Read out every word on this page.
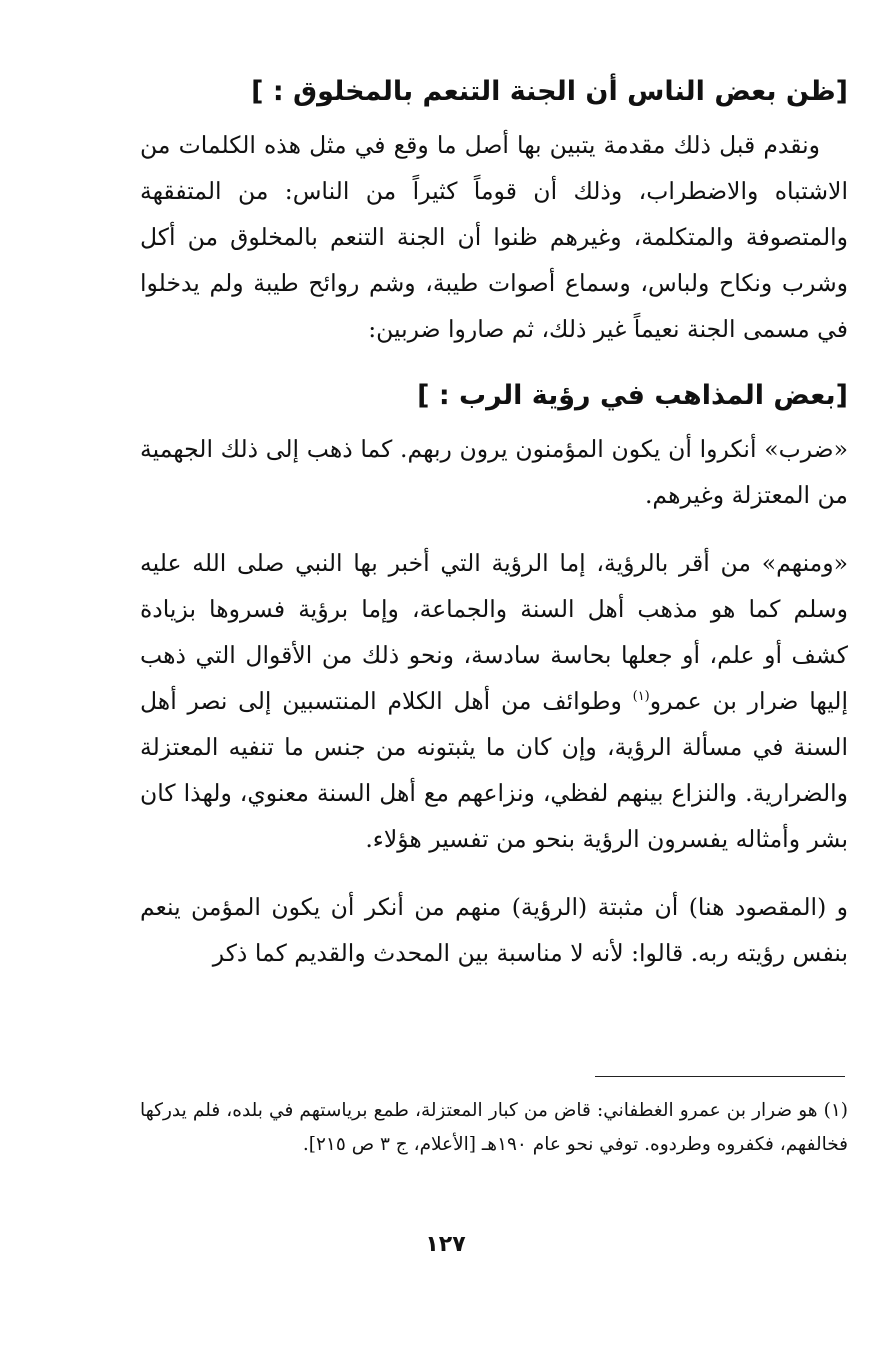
[ظن بعض الناس أن الجنة التنعم بالمخلوق : ]

ونقدم قبل ذلك مقدمة يتبين بها أصل ما وقع في مثل هذه الكلمات من الاشتباه والاضطراب، وذلك أن قوماً كثيراً من الناس: من المتفقهة والمتصوفة والمتكلمة، وغيرهم ظنوا أن الجنة التنعم بالمخلوق من أكل وشرب ونكاح ولباس، وسماع أصوات طيبة، وشم روائح طيبة ولم يدخلوا في مسمى الجنة نعيماً غير ذلك، ثم صاروا ضربين:

[بعض المذاهب في رؤية الرب : ]

«ضرب» أنكروا أن يكون المؤمنون يرون ربهم. كما ذهب إلى ذلك الجهمية من المعتزلة وغيرهم.

«ومنهم» من أقر بالرؤية، إما الرؤية التي أخبر بها النبي صلى الله عليه وسلم كما هو مذهب أهل السنة والجماعة، وإما برؤية فسروها بزيادة كشف أو علم، أو جعلها بحاسة سادسة، ونحو ذلك من الأقوال التي ذهب إليها ضرار بن عمرو$^{(١)}$ وطوائف من أهل الكلام المنتسبين إلى نصر أهل السنة في مسألة الرؤية، وإن كان ما يثبتونه من جنس ما تنفيه المعتزلة والضرارية. والنزاع بينهم لفظي، ونزاعهم مع أهل السنة معنوي، ولهذا كان بشر وأمثاله يفسرون الرؤية بنحو من تفسير هؤلاء.

و (المقصود هنا) أن مثبتة (الرؤية) منهم من أنكر أن يكون المؤمن ينعم بنفس رؤيته ربه. قالوا: لأنه لا مناسبة بين المحدث والقديم كما ذكر

(١) هو ضرار بن عمرو الغطفاني: قاض من كبار المعتزلة، طمع برياستهم في بلده، فلم يدركها فخالفهم، فكفروه وطردوه. توفي نحو عام ١٩٠هـ [الأعلام، ج ٣ ص ٢١٥].

١٢٧
